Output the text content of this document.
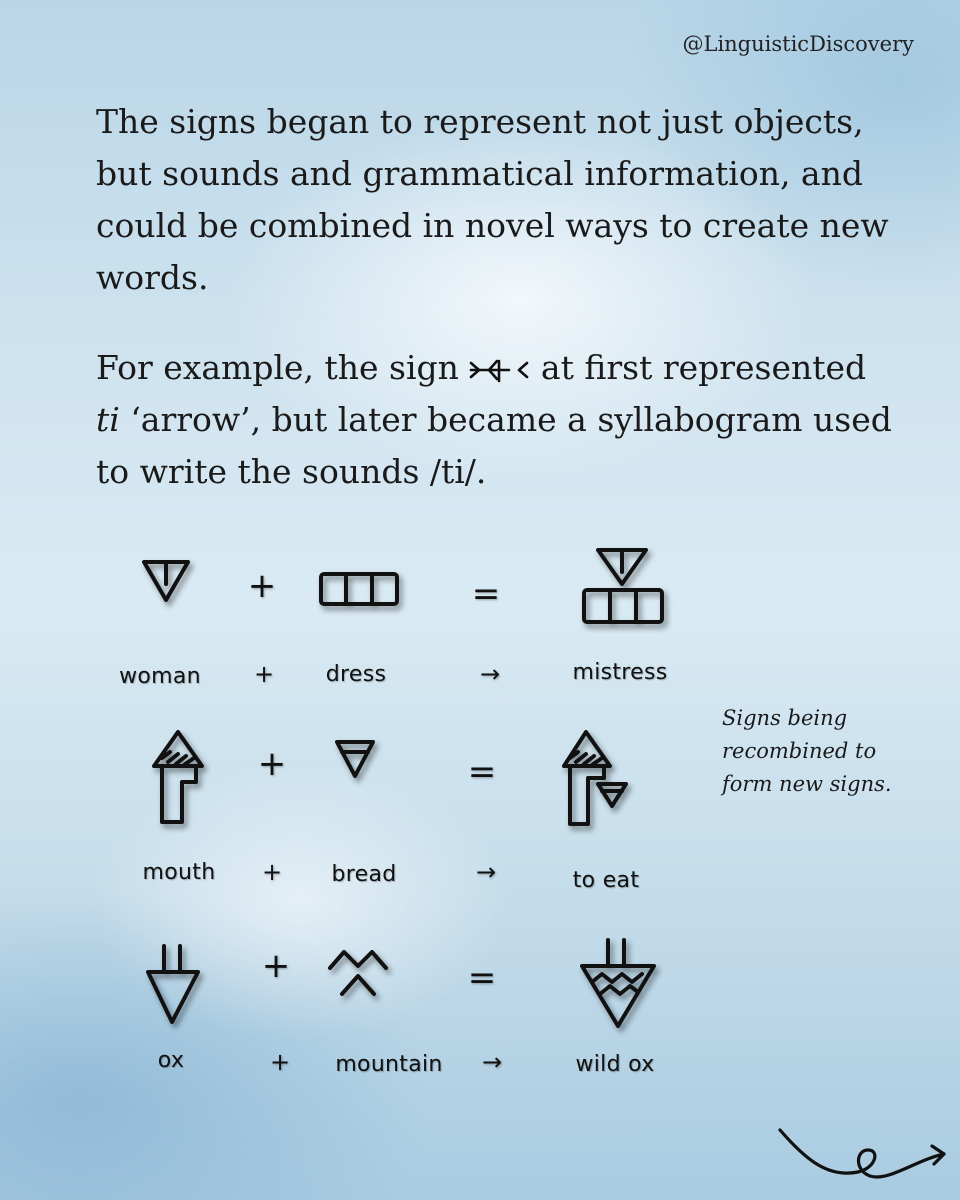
@LinguisticDiscovery

The signs began to represent not just objects, but sounds and grammatical information, and could be combined in novel ways to create new words.

For example, the sign at first represented
ti ‘arrow’, but later became a syllabogram used to write the sounds /ti/.

+	=
woman	+	dress	→	mistress
+	=
mouth	+	bread	→	to eat
+	=
ox	+	mountain	→	wild ox

Signs being recombined to form new signs.
